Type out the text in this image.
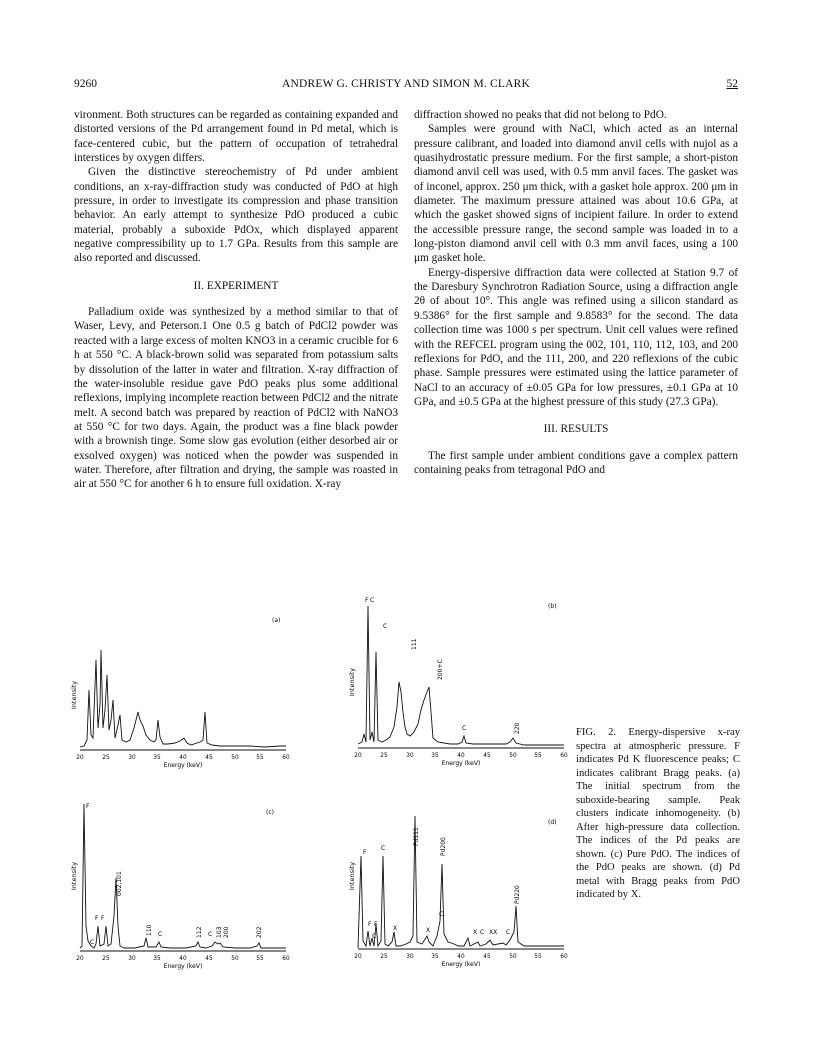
9260	ANDREW G. CHRISTY AND SIMON M. CLARK	52

vironment. Both structures can be regarded as containing expanded and distorted versions of the Pd arrangement found in Pd metal, which is face-centered cubic, but the pattern of occupation of tetrahedral interstices by oxygen differs.

Given the distinctive stereochemistry of Pd under ambient conditions, an x-ray-diffraction study was conducted of PdO at high pressure, in order to investigate its compression and phase transition behavior. An early attempt to synthesize PdO produced a cubic material, probably a suboxide PdOx, which displayed apparent negative compressibility up to 1.7 GPa. Results from this sample are also reported and discussed.

II. EXPERIMENT

Palladium oxide was synthesized by a method similar to that of Waser, Levy, and Peterson.1 One 0.5 g batch of PdCl2 powder was reacted with a large excess of molten KNO3 in a ceramic crucible for 6 h at 550 °C. A black-brown solid was separated from potassium salts by dissolution of the latter in water and filtration. X-ray diffraction of the water-insoluble residue gave PdO peaks plus some additional reflexions, implying incomplete reaction between PdCl2 and the nitrate melt. A second batch was prepared by reaction of PdCl2 with NaNO3 at 550 °C for two days. Again, the product was a fine black powder with a brownish tinge. Some slow gas evolution (either desorbed air or exsolved oxygen) was noticed when the powder was suspended in water. Therefore, after filtration and drying, the sample was roasted in air at 550 °C for another 6 h to ensure full oxidation. X-ray

diffraction showed no peaks that did not belong to PdO.

Samples were ground with NaCl, which acted as an internal pressure calibrant, and loaded into diamond anvil cells with nujol as a quasihydrostatic pressure medium. For the first sample, a short-piston diamond anvil cell was used, with 0.5 mm anvil faces. The gasket was of inconel, approx. 250 μm thick, with a gasket hole approx. 200 μm in diameter. The maximum pressure attained was about 10.6 GPa, at which the gasket showed signs of incipient failure. In order to extend the accessible pressure range, the second sample was loaded in to a long-piston diamond anvil cell with 0.3 mm anvil faces, using a 100 μm gasket hole.

Energy-dispersive diffraction data were collected at Station 9.7 of the Daresbury Synchrotron Radiation Source, using a diffraction angle 2θ of about 10°. This angle was refined using a silicon standard as 9.5386° for the first sample and 9.8583° for the second. The data collection time was 1000 s per spectrum. Unit cell values were refined with the REFCEL program using the 002, 101, 110, 112, 103, and 200 reflexions for PdO, and the 111, 200, and 220 reflexions of the cubic phase. Sample pressures were estimated using the lattice parameter of NaCl to an accuracy of ±0.05 GPa for low pressures, ±0.1 GPa at 10 GPa, and ±0.5 GPa at the highest pressure of this study (27.3 GPa).

III. RESULTS

The first sample under ambient conditions gave a complex pattern containing peaks from tetragonal PdO and

(a)
Intensity
20	25	30	35	40	45	50	55	60
Energy (keV)
(b)
Intensity
F C
C
111
200+C
C	220
20	25	30	35	40	45	50	55	60
Energy (keV)
(c)
Intensity
F
F F
C
002,101
110 C	112 C 103 200	202
20	25	30	35	40	45	50	55	60
Energy (keV)
(d)
Intensity
F
F F
C
C
X
Pd111
X
Pd200
C
X C XX C
Pd220
20	25	30	35	40	45	50	55	60
Energy (keV)
FIG. 2. Energy-dispersive x-ray spectra at atmospheric pressure. F indicates Pd K fluorescence peaks; C indicates calibrant Bragg peaks. (a) The initial spectrum from the suboxide-bearing sample. Peak clusters indicate inhomogeneity. (b) After high-pressure data collection. The indices of the Pd peaks are shown. (c) Pure PdO. The indices of the PdO peaks are shown. (d) Pd metal with Bragg peaks from PdO indicated by X.
